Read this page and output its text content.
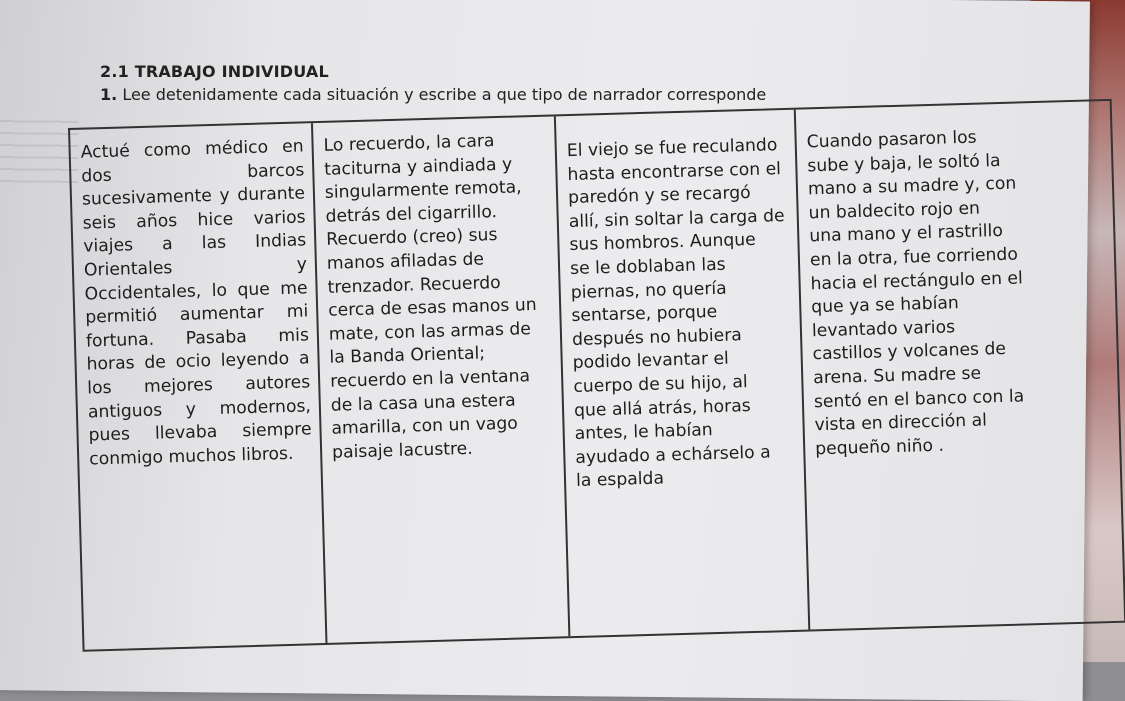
2.1 TRABAJO INDIVIDUAL
1. Lee detenidamente cada situación y escribe a que tipo de narrador corresponde
Actué como médico en dos barcos sucesivamente y durante seis años hice varios viajes a las Indias Orientales y Occidentales, lo que me permitió aumentar mi fortuna. Pasaba mis horas de ocio leyendo a los mejores autores antiguos y modernos, pues llevaba siempre conmigo muchos libros.
Lo recuerdo, la cara
taciturna y aindiada y
singularmente remota,
detrás del cigarrillo.
Recuerdo (creo) sus
manos afiladas de
trenzador. Recuerdo
cerca de esas manos un
mate, con las armas de
la Banda Oriental;
recuerdo en la ventana
de la casa una estera
amarilla, con un vago
paisaje lacustre.
El viejo se fue reculando
hasta encontrarse con el
paredón y se recargó
allí, sin soltar la carga de
sus hombros. Aunque
se le doblaban las
piernas, no quería
sentarse, porque
después no hubiera
podido levantar el
cuerpo de su hijo, al
que allá atrás, horas
antes, le habían
ayudado a echárselo a
la espalda
Cuando pasaron los
sube y baja, le soltó la
mano a su madre y, con
un baldecito rojo en
una mano y el rastrillo
en la otra, fue corriendo
hacia el rectángulo en el
que ya se habían
levantado varios
castillos y volcanes de
arena. Su madre se
sentó en el banco con la
vista en dirección al
pequeño niño .
